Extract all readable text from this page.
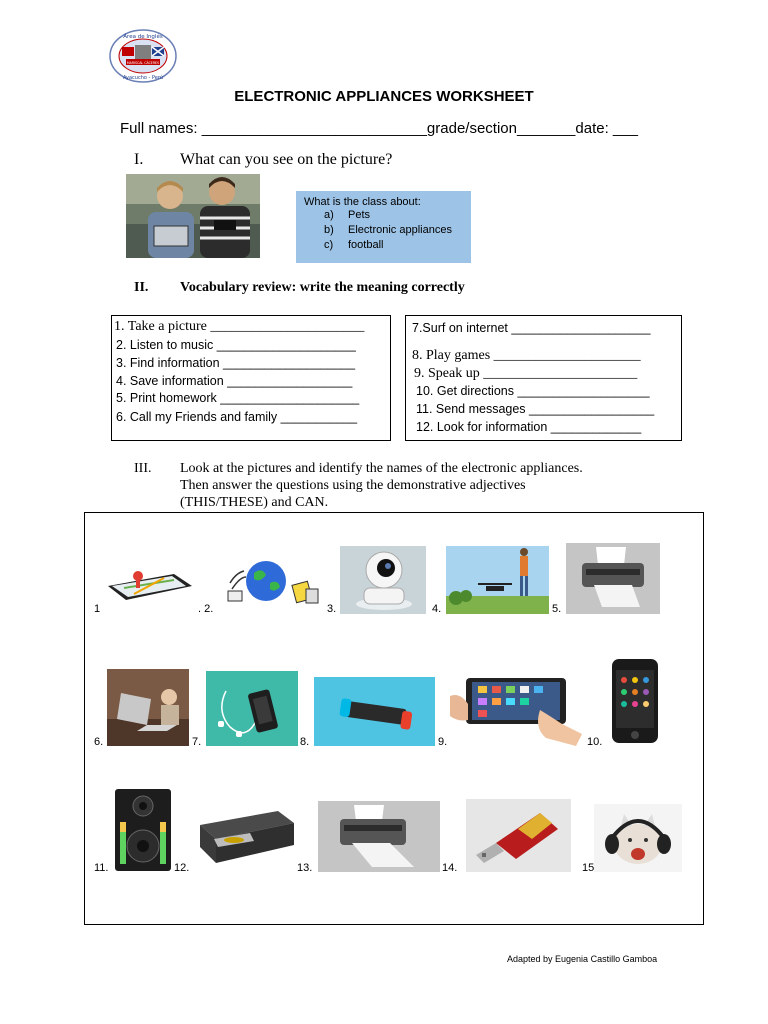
Área de Inglés
MARISCAL CÁCERES
Ayacucho - Perú
ELECTRONIC APPLIANCES WORKSHEET
Full names: ___________________________grade/section_______date: ___
I. What can you see on the picture?
What is the class about:
a) Pets
b) Electronic appliances
c) football
II. Vocabulary review: write the meaning correctly
1. Take a picture ______________________
2. Listen to music ____________________
3. Find information ___________________
4. Save information __________________
5. Print homework ____________________
6. Call my Friends and family ___________
7.Surf on internet ____________________
8. Play games _____________________
9. Speak up ______________________
10. Get directions ___________________
11. Send messages __________________
12. Look for information _____________
III. Look at the pictures and identify the names of the electronic appliances.
Then answer the questions using the demonstrative adjectives
(THIS/THESE) and CAN.
1	. 2.	3.	4.	5.
6.	7.	8.	9.	10.
11.	12.	13.	14.	15
Adapted by Eugenia Castillo Gamboa
